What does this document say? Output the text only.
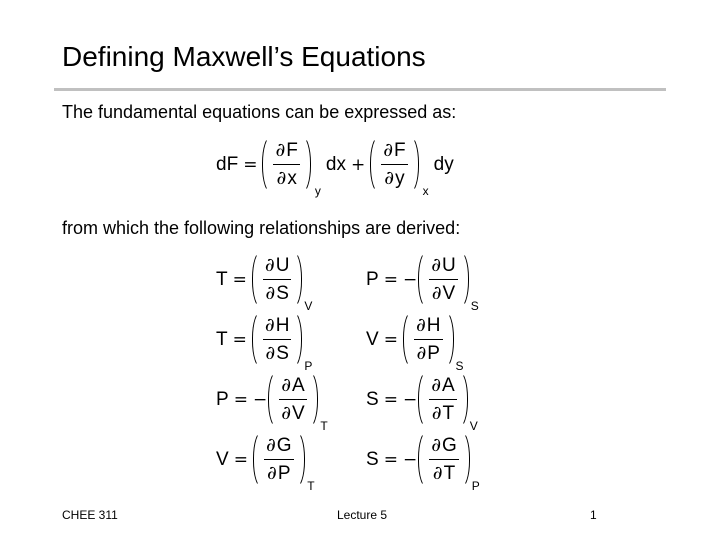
Defining Maxwell’s Equations
The fundamental equations can be expressed as:
dF = $\frac{\partial F}{\partial x}$
y
dx + $\frac{\partial F}{\partial y}$
x
dy
from which the following relationships are derived:
$T = \frac{\partial U}{\partial S}$
V
P = − $\frac{\partial U}{\partial V}$
S
$T = \frac{\partial H}{\partial S}$
P
$V = \frac{\partial H}{\partial P}$
S
P = − $\frac{\partial A}{\partial V}$
T
S = − $\frac{\partial A}{\partial T}$
V
$V = \frac{\partial G}{\partial P}$
T
S = − $\frac{\partial G}{\partial T}$
P
CHEE 311	Lecture 5	1
